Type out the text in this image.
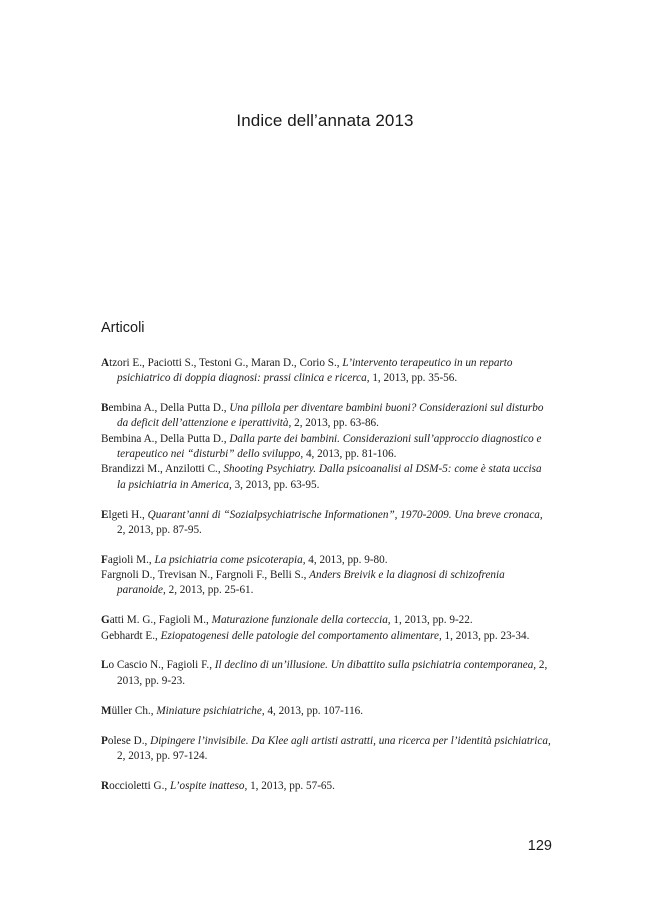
Indice dell’annata 2013
Articoli
Atzori E., Paciotti S., Testoni G., Maran D., Corio S., L’intervento terapeutico in un reparto psichiatrico di doppia diagnosi: prassi clinica e ricerca, 1, 2013, pp. 35-56.
Bembina A., Della Putta D., Una pillola per diventare bambini buoni? Considerazioni sul disturbo da deficit dell’attenzione e iperattività, 2, 2013, pp. 63-86.
Bembina A., Della Putta D., Dalla parte dei bambini. Considerazioni sull’approccio diagnostico e terapeutico nei “disturbi” dello sviluppo, 4, 2013, pp. 81-106.
Brandizzi M., Anzilotti C., Shooting Psychiatry. Dalla psicoanalisi al DSM-5: come è stata uccisa la psichiatria in America, 3, 2013, pp. 63-95.
Elgeti H., Quarant’anni di “Sozialpsychiatrische Informationen”, 1970-2009. Una breve cronaca, 2, 2013, pp. 87-95.
Fagioli M., La psichiatria come psicoterapia, 4, 2013, pp. 9-80.
Fargnoli D., Trevisan N., Fargnoli F., Belli S., Anders Breivik e la diagnosi di schizofrenia paranoide, 2, 2013, pp. 25-61.
Gatti M. G., Fagioli M., Maturazione funzionale della corteccia, 1, 2013, pp. 9-22.
Gebhardt E., Eziopatogenesi delle patologie del comportamento alimentare, 1, 2013, pp. 23-34.
Lo Cascio N., Fagioli F., Il declino di un’illusione. Un dibattito sulla psichiatria contemporanea, 2, 2013, pp. 9-23.
Müller Ch., Miniature psichiatriche, 4, 2013, pp. 107-116.
Polese D., Dipingere l’invisibile. Da Klee agli artisti astratti, una ricerca per l’identità psichiatrica, 2, 2013, pp. 97-124.
Roccioletti G., L’ospite inatteso, 1, 2013, pp. 57-65.
129
